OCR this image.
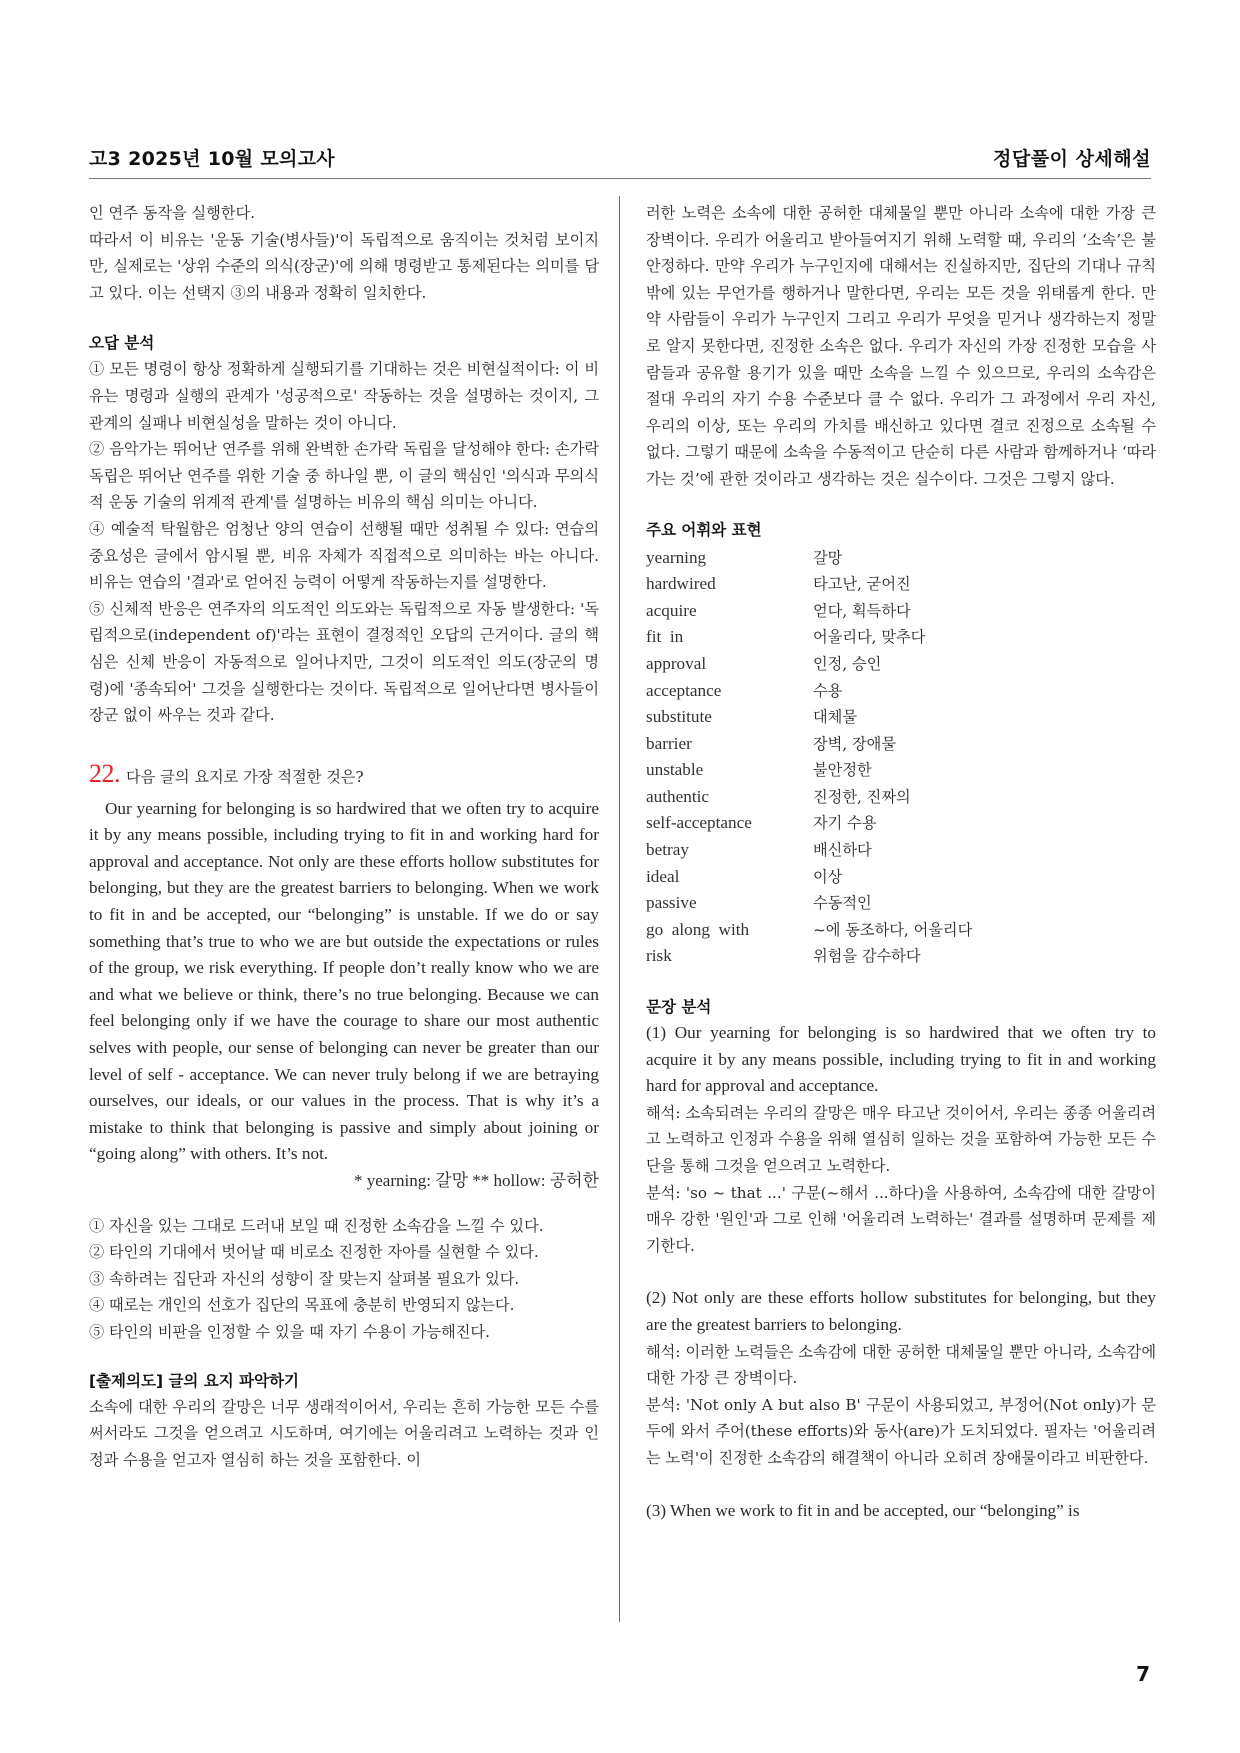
고3 2025년 10월 모의고사	정답풀이 상세해설

인 연주 동작을 실행한다.

따라서 이 비유는 '운동 기술(병사들)'이 독립적으로 움직이는 것처럼 보이지만, 실제로는 '상위 수준의 의식(장군)'에 의해 명령받고 통제된다는 의미를 담고 있다. 이는 선택지 ③의 내용과 정확히 일치한다.

오답 분석

① 모든 명령이 항상 정확하게 실행되기를 기대하는 것은 비현실적이다: 이 비유는 명령과 실행의 관계가 '성공적으로' 작동하는 것을 설명하는 것이지, 그 관계의 실패나 비현실성을 말하는 것이 아니다.

② 음악가는 뛰어난 연주를 위해 완벽한 손가락 독립을 달성해야 한다: 손가락 독립은 뛰어난 연주를 위한 기술 중 하나일 뿐, 이 글의 핵심인 '의식과 무의식적 운동 기술의 위계적 관계'를 설명하는 비유의 핵심 의미는 아니다.

④ 예술적 탁월함은 엄청난 양의 연습이 선행될 때만 성취될 수 있다: 연습의 중요성은 글에서 암시될 뿐, 비유 자체가 직접적으로 의미하는 바는 아니다. 비유는 연습의 '결과'로 얻어진 능력이 어떻게 작동하는지를 설명한다.

⑤ 신체적 반응은 연주자의 의도적인 의도와는 독립적으로 자동 발생한다: '독립적으로(independent of)'라는 표현이 결정적인 오답의 근거이다. 글의 핵심은 신체 반응이 자동적으로 일어나지만, 그것이 의도적인 의도(장군의 명령)에 '종속되어' 그것을 실행한다는 것이다. 독립적으로 일어난다면 병사들이 장군 없이 싸우는 것과 같다.

22. 다음 글의 요지로 가장 적절한 것은?

Our yearning for belonging is so hardwired that we often try to acquire it by any means possible, including trying to fit in and working hard for approval and acceptance. Not only are these efforts hollow substitutes for belonging, but they are the greatest barriers to belonging. When we work to fit in and be accepted, our “belonging” is unstable. If we do or say something that’s true to who we are but outside the expectations or rules of the group, we risk everything. If people don’t really know who we are and what we believe or think, there’s no true belonging. Because we can feel belonging only if we have the courage to share our most authentic selves with people, our sense of belonging can never be greater than our level of self - acceptance. We can never truly belong if we are betraying ourselves, our ideals, or our values in the process. That is why it’s a mistake to think that belonging is passive and simply about joining or “going along” with others. It’s not.

* yearning: 갈망 ** hollow: 공허한
① 자신을 있는 그대로 드러내 보일 때 진정한 소속감을 느낄 수 있다.
② 타인의 기대에서 벗어날 때 비로소 진정한 자아를 실현할 수 있다.
③ 속하려는 집단과 자신의 성향이 잘 맞는지 살펴볼 필요가 있다.
④ 때로는 개인의 선호가 집단의 목표에 충분히 반영되지 않는다.
⑤ 타인의 비판을 인정할 수 있을 때 자기 수용이 가능해진다.
[출제의도] 글의 요지 파악하기

소속에 대한 우리의 갈망은 너무 생래적이어서, 우리는 흔히 가능한 모든 수를 써서라도 그것을 얻으려고 시도하며, 여기에는 어울리려고 노력하는 것과 인정과 수용을 얻고자 열심히 하는 것을 포함한다. 이

러한 노력은 소속에 대한 공허한 대체물일 뿐만 아니라 소속에 대한 가장 큰 장벽이다. 우리가 어울리고 받아들여지기 위해 노력할 때, 우리의 ‘소속’은 불안정하다. 만약 우리가 누구인지에 대해서는 진실하지만, 집단의 기대나 규칙 밖에 있는 무언가를 행하거나 말한다면, 우리는 모든 것을 위태롭게 한다. 만약 사람들이 우리가 누구인지 그리고 우리가 무엇을 믿거나 생각하는지 정말로 알지 못한다면, 진정한 소속은 없다. 우리가 자신의 가장 진정한 모습을 사람들과 공유할 용기가 있을 때만 소속을 느낄 수 있으므로, 우리의 소속감은 절대 우리의 자기 수용 수준보다 클 수 없다. 우리가 그 과정에서 우리 자신, 우리의 이상, 또는 우리의 가치를 배신하고 있다면 결코 진정으로 소속될 수 없다. 그렇기 때문에 소속을 수동적이고 단순히 다른 사람과 함께하거나 ‘따라가는 것’에 관한 것이라고 생각하는 것은 실수이다. 그것은 그렇지 않다.

주요 어휘와 표현
yearning	갈망
hardwired	타고난, 굳어진
acquire	얻다, 획득하다
fit  in	어울리다, 맞추다
approval	인정, 승인
acceptance	수용
substitute	대체물
barrier	장벽, 장애물
unstable	불안정한
authentic	진정한, 진짜의
self-acceptance	자기 수용
betray	배신하다
ideal	이상
passive	수동적인
go  along  with	~에 동조하다, 어울리다
risk	위험을 감수하다
문장 분석

(1) Our yearning for belonging is so hardwired that we often try to acquire it by any means possible, including trying to fit in and working hard for approval and acceptance.

해석: 소속되려는 우리의 갈망은 매우 타고난 것이어서, 우리는 종종 어울리려고 노력하고 인정과 수용을 위해 열심히 일하는 것을 포함하여 가능한 모든 수단을 통해 그것을 얻으려고 노력한다.

분석: 'so ~ that ...' 구문(~해서 ...하다)을 사용하여, 소속감에 대한 갈망이 매우 강한 '원인'과 그로 인해 '어울리려 노력하는' 결과를 설명하며 문제를 제기한다.

(2) Not only are these efforts hollow substitutes for belonging, but they are the greatest barriers to belonging.

해석: 이러한 노력들은 소속감에 대한 공허한 대체물일 뿐만 아니라, 소속감에 대한 가장 큰 장벽이다.

분석: 'Not only A but also B' 구문이 사용되었고, 부정어(Not only)가 문두에 와서 주어(these efforts)와 동사(are)가 도치되었다. 필자는 '어울리려는 노력'이 진정한 소속감의 해결책이 아니라 오히려 장애물이라고 비판한다.

(3) When we work to fit in and be accepted, our “belonging” is

7
